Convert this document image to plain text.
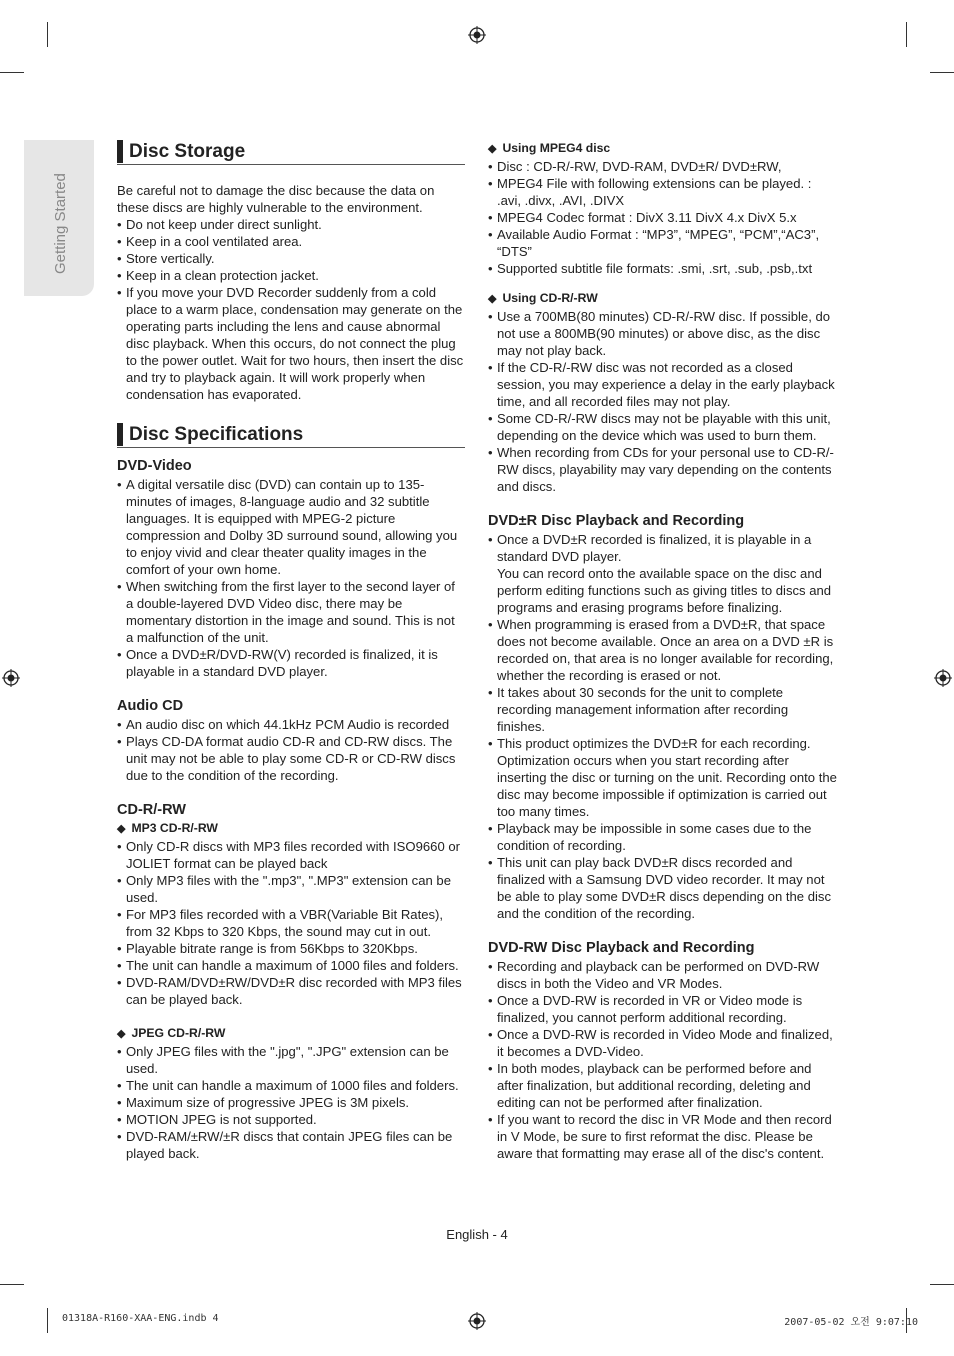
Getting Started
Disc Storage

Be careful not to damage the disc because the data on these discs are highly vulnerable to the environment.

• Do not keep under direct sunlight.
• Keep in a cool ventilated area.
• Store vertically.
• Keep in a clean protection jacket.
• If you move your DVD Recorder suddenly from a cold place to a warm place, condensation may generate on the operating parts including the lens and cause abnormal disc playback. When this occurs, do not connect the plug to the power outlet. Wait for two hours, then insert the disc and try to playback again. It will work properly when condensation has evaporated.
Disc Specifications
DVD-Video
• A digital versatile disc (DVD) can contain up to 135-minutes of images, 8-language audio and 32 subtitle languages. It is equipped with MPEG-2 picture compression and Dolby 3D surround sound, allowing you to enjoy vivid and clear theater quality images in the comfort of your own home.
• When switching from the first layer to the second layer of a double-layered DVD Video disc, there may be momentary distortion in the image and sound. This is not a malfunction of the unit.
• Once a DVD±R/DVD-RW(V) recorded is finalized, it is playable in a standard DVD player.
Audio CD
• An audio disc on which 44.1kHz PCM Audio is recorded
• Plays CD-DA format audio CD-R and CD-RW discs. The unit may not be able to play some CD-R or CD-RW discs due to the condition of the recording.
CD-R/-RW
◆ MP3 CD-R/-RW
• Only CD-R discs with MP3 files recorded with ISO9660 or JOLIET format can be played back
• Only MP3 files with the ".mp3", ".MP3" extension can be used.
• For MP3 files recorded with a VBR(Variable Bit Rates), from 32 Kbps to 320 Kbps, the sound may cut in out.
• Playable bitrate range is from 56Kbps to 320Kbps.
• The unit can handle a maximum of 1000 files and folders.
• DVD-RAM/DVD±RW/DVD±R disc recorded with MP3 files can be played back.
◆ JPEG CD-R/-RW
• Only JPEG files with the ".jpg", ".JPG" extension can be used.
• The unit can handle a maximum of 1000 files and folders.
• Maximum size of progressive JPEG is 3M pixels.
• MOTION JPEG is not supported.
• DVD-RAM/±RW/±R discs that contain JPEG files can be played back.
◆ Using MPEG4 disc
• Disc : CD-R/-RW, DVD-RAM, DVD±R/ DVD±RW,
• MPEG4 File with following extensions can be played. : .avi, .divx, .AVI, .DIVX
• MPEG4 Codec format : DivX 3.11 DivX 4.x DivX 5.x
• Available Audio Format : “MP3”, “MPEG”, “PCM”,“AC3”, “DTS”
• Supported subtitle file formats: .smi, .srt, .sub, .psb,.txt
◆ Using CD-R/-RW
• Use a 700MB(80 minutes) CD-R/-RW disc. If possible, do not use a 800MB(90 minutes) or above disc, as the disc may not play back.
• If the CD-R/-RW disc was not recorded as a closed session, you may experience a delay in the early playback time, and all recorded files may not play.
• Some CD-R/-RW discs may not be playable with this unit, depending on the device which was used to burn them.
• When recording from CDs for your personal use to CD-R/-RW discs, playability may vary depending on the contents and discs.
DVD±R Disc Playback and Recording
• Once a DVD±R recorded is finalized, it is playable in a standard DVD player.
You can record onto the available space on the disc and perform editing functions such as giving titles to discs and programs and erasing programs before finalizing.
• When programming is erased from a DVD±R, that space does not become available. Once an area on a DVD ±R is recorded on, that area is no longer available for recording, whether the recording is erased or not.
• It takes about 30 seconds for the unit to complete recording management information after recording finishes.
• This product optimizes the DVD±R for each recording. Optimization occurs when you start recording after inserting the disc or turning on the unit. Recording onto the disc may become impossible if optimization is carried out too many times.
• Playback may be impossible in some cases due to the condition of recording.
• This unit can play back DVD±R discs recorded and finalized with a Samsung DVD video recorder. It may not be able to play some DVD±R discs depending on the disc and the condition of the recording.
DVD-RW Disc Playback and Recording
• Recording and playback can be performed on DVD-RW discs in both the Video and VR Modes.
• Once a DVD-RW is recorded in VR or Video mode is finalized, you cannot perform additional recording.
• Once a DVD-RW is recorded in Video Mode and finalized, it becomes a DVD-Video.
• In both modes, playback can be performed before and after finalization, but additional recording, deleting and editing can not be performed after finalization.
• If you want to record the disc in VR Mode and then record in V Mode, be sure to first reformat the disc. Please be aware that formatting may erase all of the disc's content.
English - 4
01318A-R160-XAA-ENG.indb 4	2007-05-02 오전 9:07:10
